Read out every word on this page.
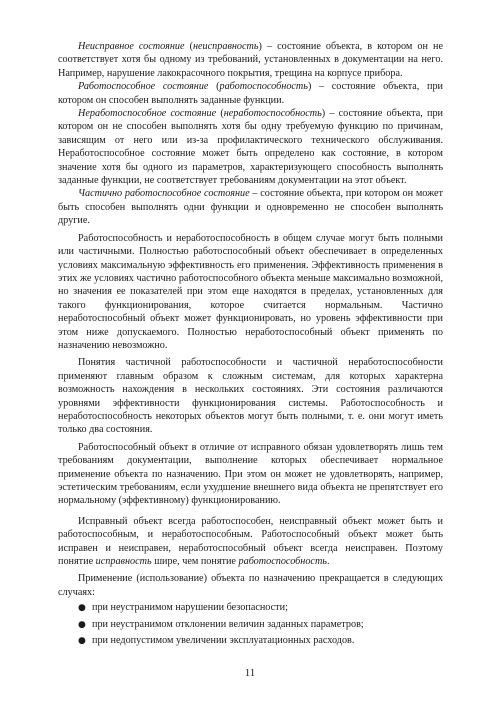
Неисправное состояние (неисправность) – состояние объекта, в котором он не соответствует хотя бы одному из требований, установленных в документации на него. Например, нарушение лакокрасочного покрытия, трещина на корпусе прибора.

Работоспособное состояние (работоспособность) – состояние объекта, при котором он способен выполнять заданные функции.

Неработоспособное состояние (неработоспособность) – состояние объекта, при котором он не способен выполнять хотя бы одну требуемую функцию по причинам, зависящим от него или из-за профилактического технического обслуживания. Неработоспособное состояние может быть определено как состояние, в котором значение хотя бы одного из параметров, характеризующего способность выполнять заданные функции, не соответствует требованиям документации на этот объект.

Частично работоспособное состояние – состояние объекта, при котором он может быть способен выполнять одни функции и одновременно не способен выполнять другие.

Работоспособность и неработоспособность в общем случае могут быть полными или частичными. Полностью работоспособный объект обеспечивает в определенных условиях максимальную эффективность его применения. Эффективность применения в этих же условиях частично работоспособного объекта меньше максимально возможной, но значения ее показателей при этом еще находятся в пределах, установленных для такого функционирования, которое считается нормальным. Частично неработоспособный объект может функционировать, но уровень эффективности при этом ниже допускаемого. Полностью неработоспособный объект применять по назначению невозможно.

Понятия частичной работоспособности и частичной неработоспособности применяют главным образом к сложным системам, для которых характерна возможность нахождения в нескольких состояниях. Эти состояния различаются уровнями эффективности функционирования системы. Работоспособность и неработоспособность некоторых объектов могут быть полными, т. е. они могут иметь только два состояния.

Работоспособный объект в отличие от исправного обязан удовлетворять лишь тем требованиям документации, выполнение которых обеспечивает нормальное применение объекта по назначению. При этом он может не удовлетворять, например, эстетическим требованиям, если ухудшение внешнего вида объекта не препятствует его нормальному (эффективному) функционированию.

Исправный объект всегда работоспособен, неисправный объект может быть и работоспособным, и неработоспособным. Работоспособный объект может быть исправен и неисправен, неработоспособный объект всегда неисправен. Поэтому понятие исправность шире, чем понятие работоспособность.

Применение (использование) объекта по назначению прекращается в следующих случаях:

● при неустранимом нарушении безопасности;
● при неустранимом отклонении величин заданных параметров;
● при недопустимом увеличении эксплуатационных расходов.
11
